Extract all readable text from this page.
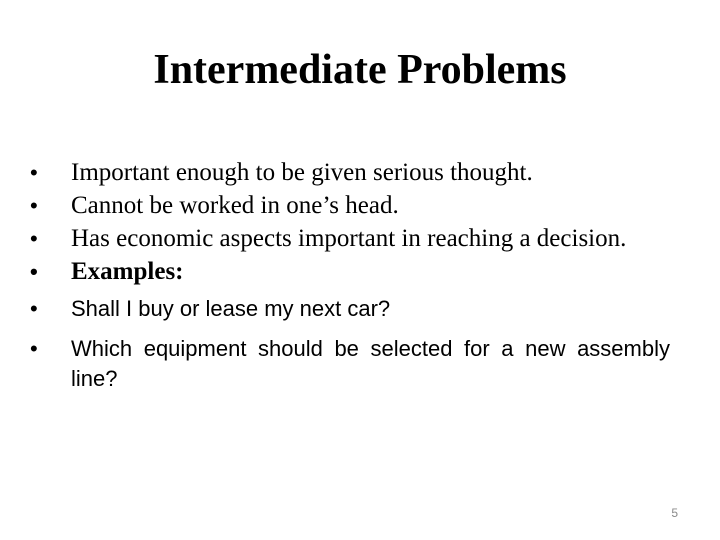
Intermediate Problems
• Important enough to be given serious thought.
• Cannot be worked in one’s head.
• Has economic aspects important in reaching a decision.
• Examples:
• Shall I buy or lease my next car?
• Which equipment should be selected for a new assembly line?
5
